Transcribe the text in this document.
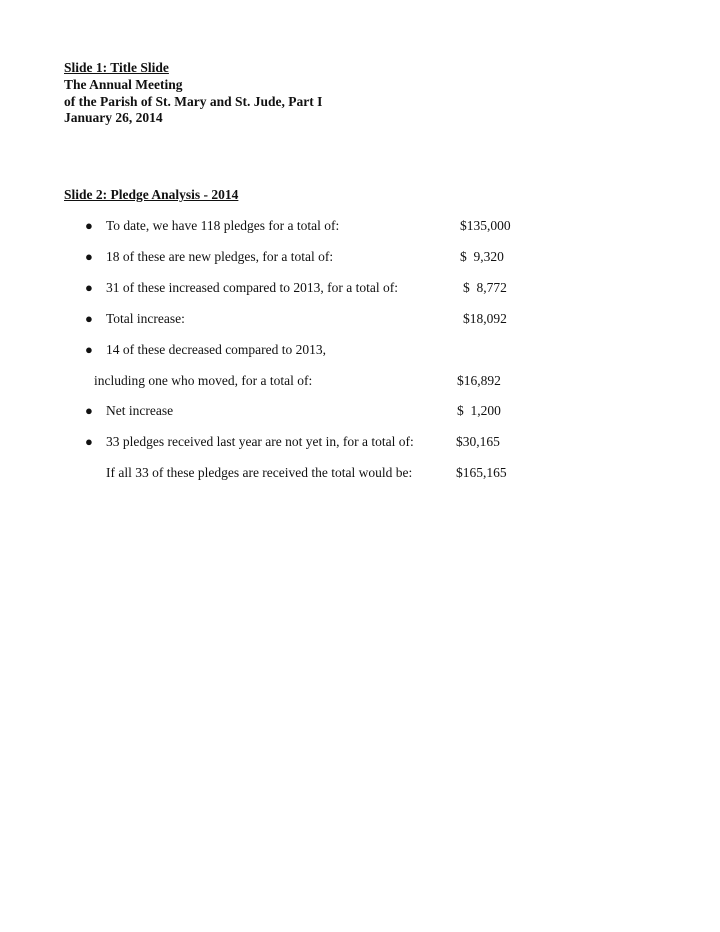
Slide 1: Title Slide
The Annual Meeting
of the Parish of St. Mary and St. Jude, Part I
January 26, 2014
Slide 2: Pledge Analysis - 2014
● To date, we have 118 pledges for a total of:	$135,000
● 18 of these are new pledges, for a total of:	$  9,320
● 31 of these increased compared to 2013, for a total of:	$  8,772
● Total increase:	$18,092
● 14 of these decreased compared to 2013,
including one who moved, for a total of:	$16,892
● Net increase	$  1,200
● 33 pledges received last year are not yet in, for a total of:	$30,165
If all 33 of these pledges are received the total would be:	$165,165
